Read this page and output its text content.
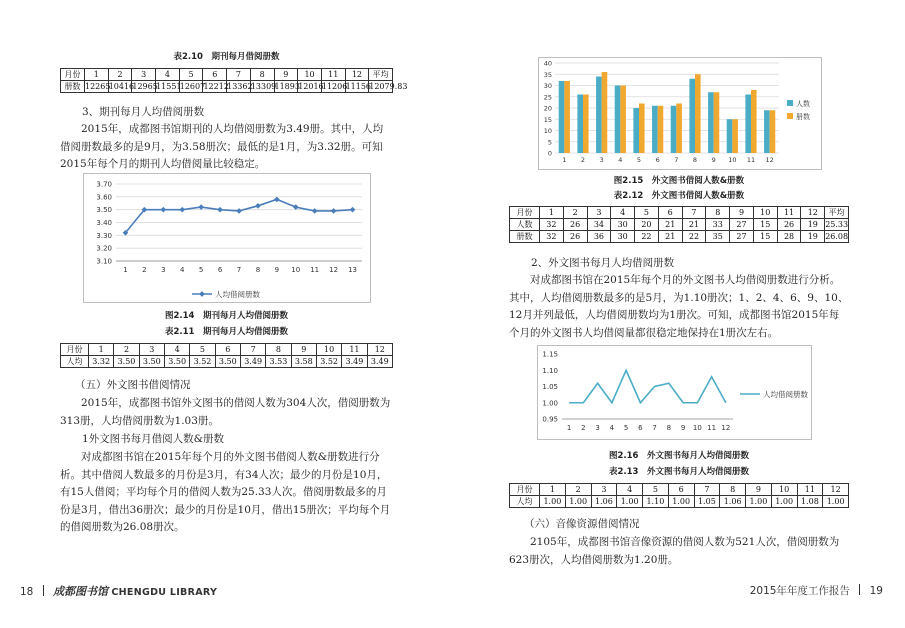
表2.10　期刊每月借阅册数
月份	1	2	3	4	5	6	7	8	9	10	11	12	平均
册数	12265	10416	12965	11551	12607	12212	13362	13309	11893	12016	11206	11156	12079.83
3、期刊每月人均借阅册数

2015年，成都图书馆期刊的人均借阅册数为3.49册。其中，人均借阅册数最多的是9月，为3.58册次；最低的是1月，为3.32册。可知2015年每个月的期刊人均借阅量比较稳定。

3.10
3.20
3.30
3.40
3.50
3.60
3.70
1 2 3 4 5 6 7 8 9 10 11 12 13
人均借阅册数
图2.14　期刊每月人均借阅册数
表2.11　期刊每月人均借阅册数
月份	1	2	3	4	5	6	7	8	9	10	11	12
人均	3.32	3.50	3.50	3.50	3.52	3.50	3.49	3.53	3.58	3.52	3.49	3.49
（五）外文图书借阅情况

2015年，成都图书馆外文图书的借阅人数为304人次，借阅册数为313册，人均借阅册数为1.03册。

1外文图书每月借阅人数&册数

对成都图书馆在2015年每个月的外文图书借阅人数&册数进行分析。其中借阅人数最多的月份是3月，有34人次；最少的月份是10月，有15人借阅；平均每个月的借阅人数为25.33人次。借阅册数最多的月份是3月，借出36册次；最少的月份是10月，借出15册次；平均每个月的借阅册数为26.08册次。

18 成都图书馆 CHENGDU LIBRARY
0
5
10
15
20
25
30
35
40
1 2 3 4 5 6 7 8 9 10 11 12
人数
册数
图2.15　外文图书借阅人数&册数
表2.12　外文图书借阅人数&册数
月份	1	2	3	4	5	6	7	8	9	10	11	12	平均
人数	32	26	34	30	20	21	21	33	27	15	26	19	25.33
册数	32	26	36	30	22	21	22	35	27	15	28	19	26.08
2、外文图书每月人均借阅册数

对成都图书馆在2015年每个月的外文图书人均借阅册数进行分析。其中，人均借阅册数最多的是5月，为1.10册次；1、2、4、6、9、10、12月并列最低，人均借阅册数均为1册次。可知，成都图书馆2015年每个月的外文图书人均借阅量都很稳定地保持在1册次左右。

0.95
1.00
1.05
1.10
1.15
1 2 3 4 5 6 7 8 9 10 11 12
人均借阅册数
图2.16　外文图书每月人均借阅册数
表2.13　外文图书每月人均借阅册数
月份	1	2	3	4	5	6	7	8	9	10	11	12
人均	1.00	1.00	1.06	1.00	1.10	1.00	1.05	1.06	1.00	1.00	1.08	1.00
（六）音像资源借阅情况

2105年，成都图书馆音像资源的借阅人数为521人次，借阅册数为623册次，人均借阅册数为1.20册。

2015年年度工作报告 19
